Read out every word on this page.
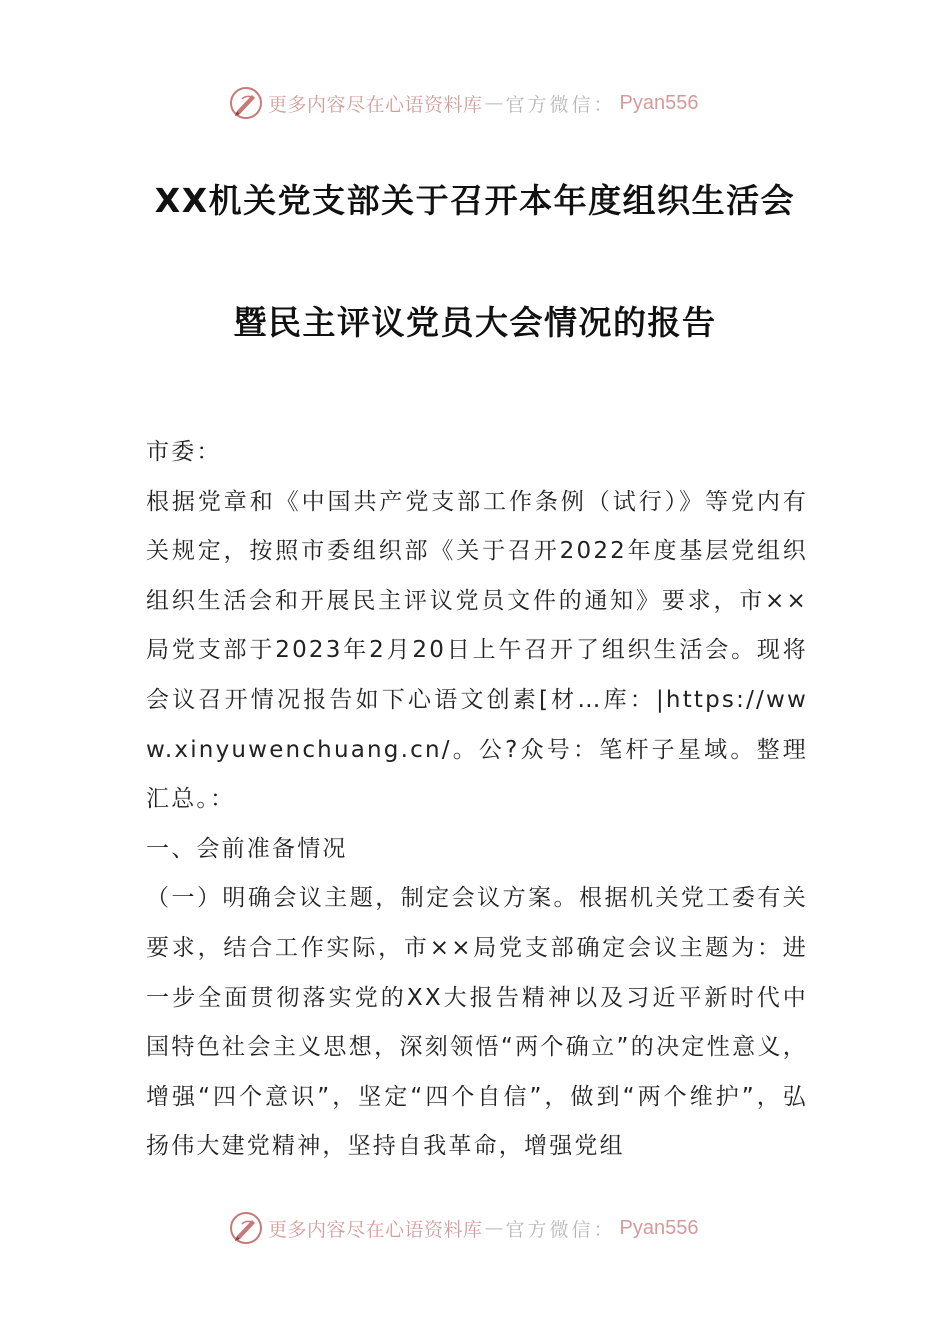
更多内容尽在心语资料库 — 官方微信： Pyan556
XX机关党支部关于召开本年度组织生活会
暨民主评议党员大会情况的报告

市委：

根据党章和《中国共产党支部工作条例（试行）》等党内有关规定，按照市委组织部《关于召开2022年度基层党组织组织生活会和开展民主评议党员文件的通知》要求，市××局党支部于2023年2月20日上午召开了组织生活会。现将会议召开情况报告如下心语文创素[材…库：|https://www.xinyuwenchuang.cn/。公?众号：笔杆子星域。整理汇总。：

一、会前准备情况

（一）明确会议主题，制定会议方案。根据机关党工委有关要求，结合工作实际，市××局党支部确定会议主题为：进一步全面贯彻落实党的XX大报告精神以及习近平新时代中国特色社会主义思想，深刻领悟“两个确立”的决定性意义，增强“四个意识”，坚定“四个自信”，做到“两个维护”，弘扬伟大建党精神，坚持自我革命，增强党组

更多内容尽在心语资料库 — 官方微信： Pyan556
